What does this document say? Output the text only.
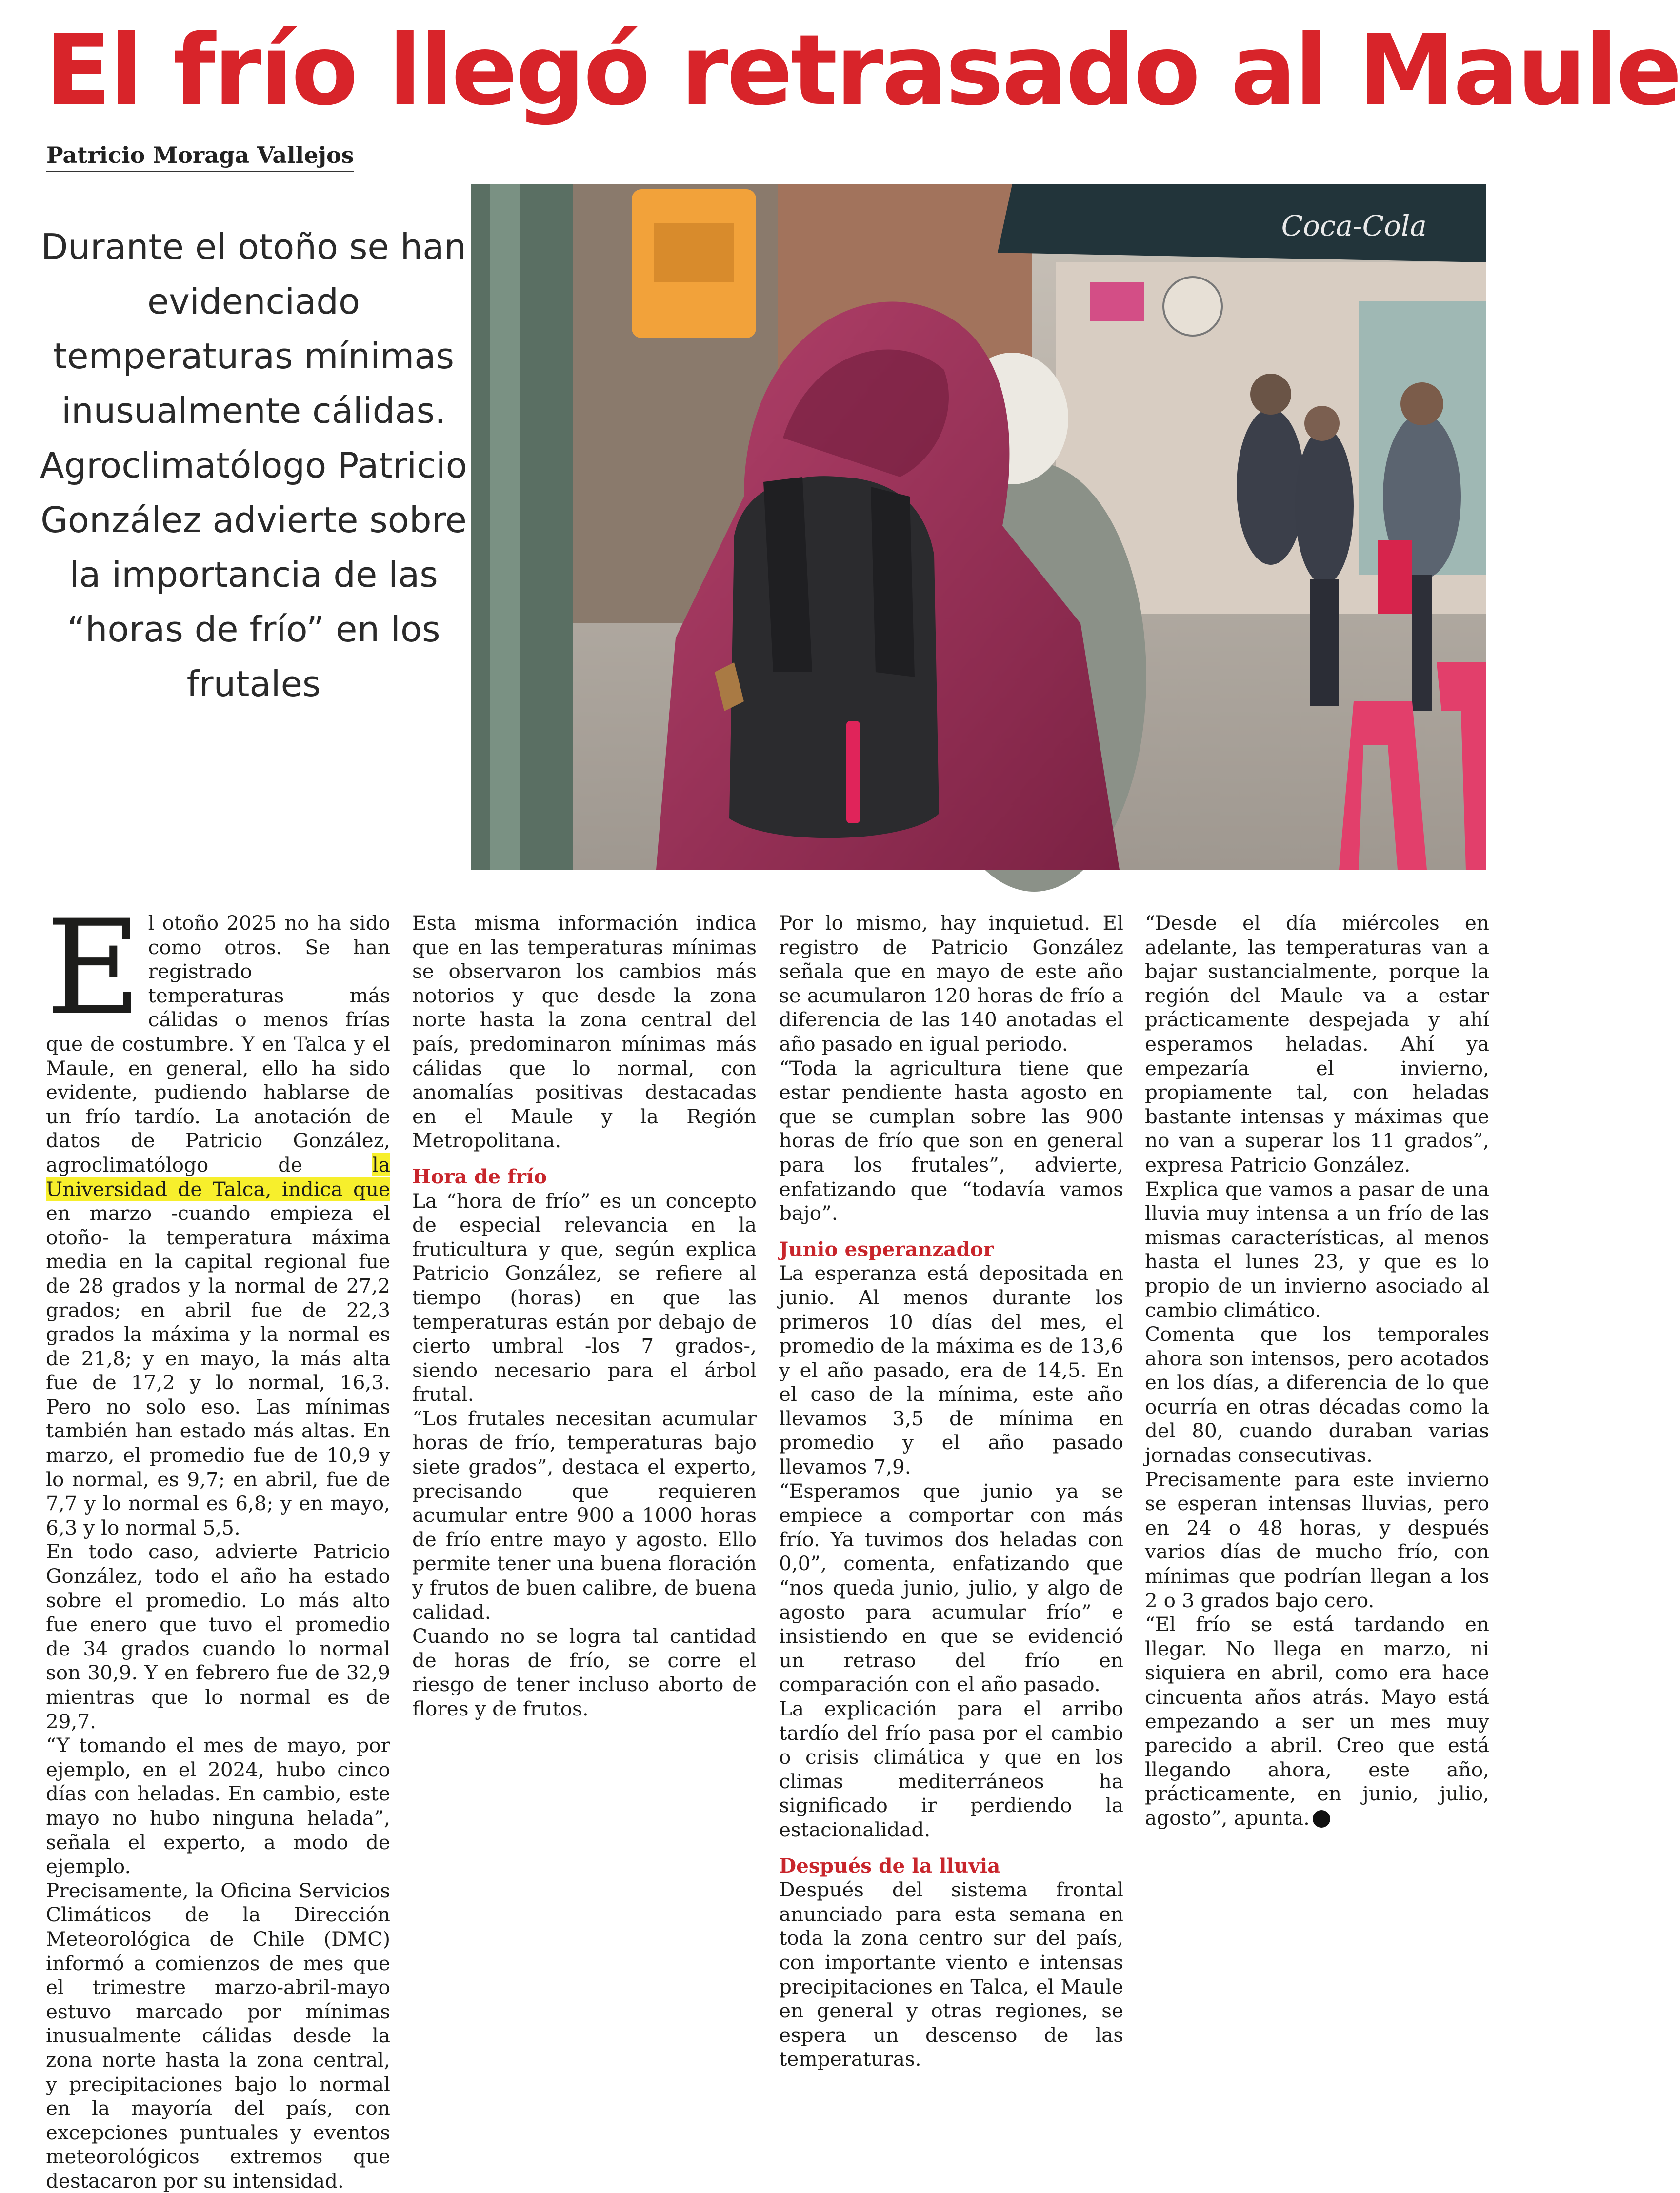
El frío llegó retrasado al Maule
Patricio Moraga Vallejos
Durante el otoño se han evidenciado temperaturas mínimas inusualmente cálidas. Agroclimatólogo Patricio González advierte sobre la importancia de las “horas de frío” en los frutales
Coca-Cola

El otoño 2025 no ha sido como otros. Se han registrado temperaturas más cálidas o menos frías que de costumbre. Y en Talca y el Maule, en general, ello ha sido evidente, pudiendo hablarse de un frío tardío. La anotación de datos de Patricio González, agroclimatólogo de la Universidad de Talca, indica que en marzo -cuando empieza el otoño- la temperatura máxima media en la capital regional fue de 28 grados y la normal de 27,2 grados; en abril fue de 22,3 grados la máxima y la normal es de 21,8; y en mayo, la más alta fue de 17,2 y lo normal, 16,3. Pero no solo eso. Las mínimas también han estado más altas. En marzo, el promedio fue de 10,9 y lo normal, es 9,7; en abril, fue de 7,7 y lo normal es 6,8; y en mayo, 6,3 y lo normal 5,5.

En todo caso, advierte Patricio González, todo el año ha estado sobre el promedio. Lo más alto fue enero que tuvo el promedio de 34 grados cuando lo normal son 30,9. Y en febrero fue de 32,9 mientras que lo normal es de 29,7.

“Y tomando el mes de mayo, por ejemplo, en el 2024, hubo cinco días con heladas. En cambio, este mayo no hubo ninguna helada”, señala el experto, a modo de ejemplo.

Precisamente, la Oficina Servicios Climáticos de la Dirección Meteorológica de Chile (DMC) informó a comienzos de mes que el trimestre marzo-abril-mayo estuvo marcado por mínimas inusualmente cálidas desde la zona norte hasta la zona central, y precipitaciones bajo lo normal en la mayoría del país, con excepciones puntuales y eventos meteorológicos extremos que destacaron por su intensidad.

Esta misma información indica que en las temperaturas mínimas se observaron los cambios más notorios y que desde la zona norte hasta la zona central del país, predominaron mínimas más cálidas que lo normal, con anomalías positivas destacadas en el Maule y la Región Metropolitana.

Hora de frío

La “hora de frío” es un concepto de especial relevancia en la fruticultura y que, según explica Patricio González, se refiere al tiempo (horas) en que las temperaturas están por debajo de cierto umbral -los 7 grados-, siendo necesario para el árbol frutal.

“Los frutales necesitan acumular horas de frío, temperaturas bajo siete grados”, destaca el experto, precisando que requieren acumular entre 900 a 1000 horas de frío entre mayo y agosto. Ello permite tener una buena floración y frutos de buen calibre, de buena calidad.

Cuando no se logra tal cantidad de horas de frío, se corre el riesgo de tener incluso aborto de flores y de frutos.

Por lo mismo, hay inquietud. El registro de Patricio González señala que en mayo de este año se acumularon 120 horas de frío a diferencia de las 140 anotadas el año pasado en igual periodo.

“Toda la agricultura tiene que estar pendiente hasta agosto en que se cumplan sobre las 900 horas de frío que son en general para los frutales”, advierte, enfatizando que “todavía vamos bajo”.

Junio esperanzador

La esperanza está depositada en junio. Al menos durante los primeros 10 días del mes, el promedio de la máxima es de 13,6 y el año pasado, era de 14,5. En el caso de la mínima, este año llevamos 3,5 de mínima en promedio y el año pasado llevamos 7,9.

“Esperamos que junio ya se empiece a comportar con más frío. Ya tuvimos dos heladas con 0,0”, comenta, enfatizando que “nos queda junio, julio, y algo de agosto para acumular frío” e insistiendo en que se evidenció un retraso del frío en comparación con el año pasado.

La explicación para el arribo tardío del frío pasa por el cambio o crisis climática y que en los climas mediterráneos ha significado ir perdiendo la estacionalidad.

Después de la lluvia

Después del sistema frontal anunciado para esta semana en toda la zona centro sur del país, con importante viento e intensas precipitaciones en Talca, el Maule en general y otras regiones, se espera un descenso de las temperaturas.

“Desde el día miércoles en adelante, las temperaturas van a bajar sustancialmente, porque la región del Maule va a estar prácticamente despejada y ahí esperamos heladas. Ahí ya empezaría el invierno, propiamente tal, con heladas bastante intensas y máximas que no van a superar los 11 grados”, expresa Patricio González.

Explica que vamos a pasar de una lluvia muy intensa a un frío de las mismas características, al menos hasta el lunes 23, y que es lo propio de un invierno asociado al cambio climático.

Comenta que los temporales ahora son intensos, pero acotados en los días, a diferencia de lo que ocurría en otras décadas como la del 80, cuando duraban varias jornadas consecutivas.

Precisamente para este invierno se esperan intensas lluvias, pero en 24 o 48 horas, y después varios días de mucho frío, con mínimas que podrían llegan a los 2 o 3 grados bajo cero.

“El frío se está tardando en llegar. No llega en marzo, ni siquiera en abril, como era hace cincuenta años atrás. Mayo está empezando a ser un mes muy parecido a abril. Creo que está llegando ahora, este año, prácticamente, en junio, julio, agosto”, apunta.
